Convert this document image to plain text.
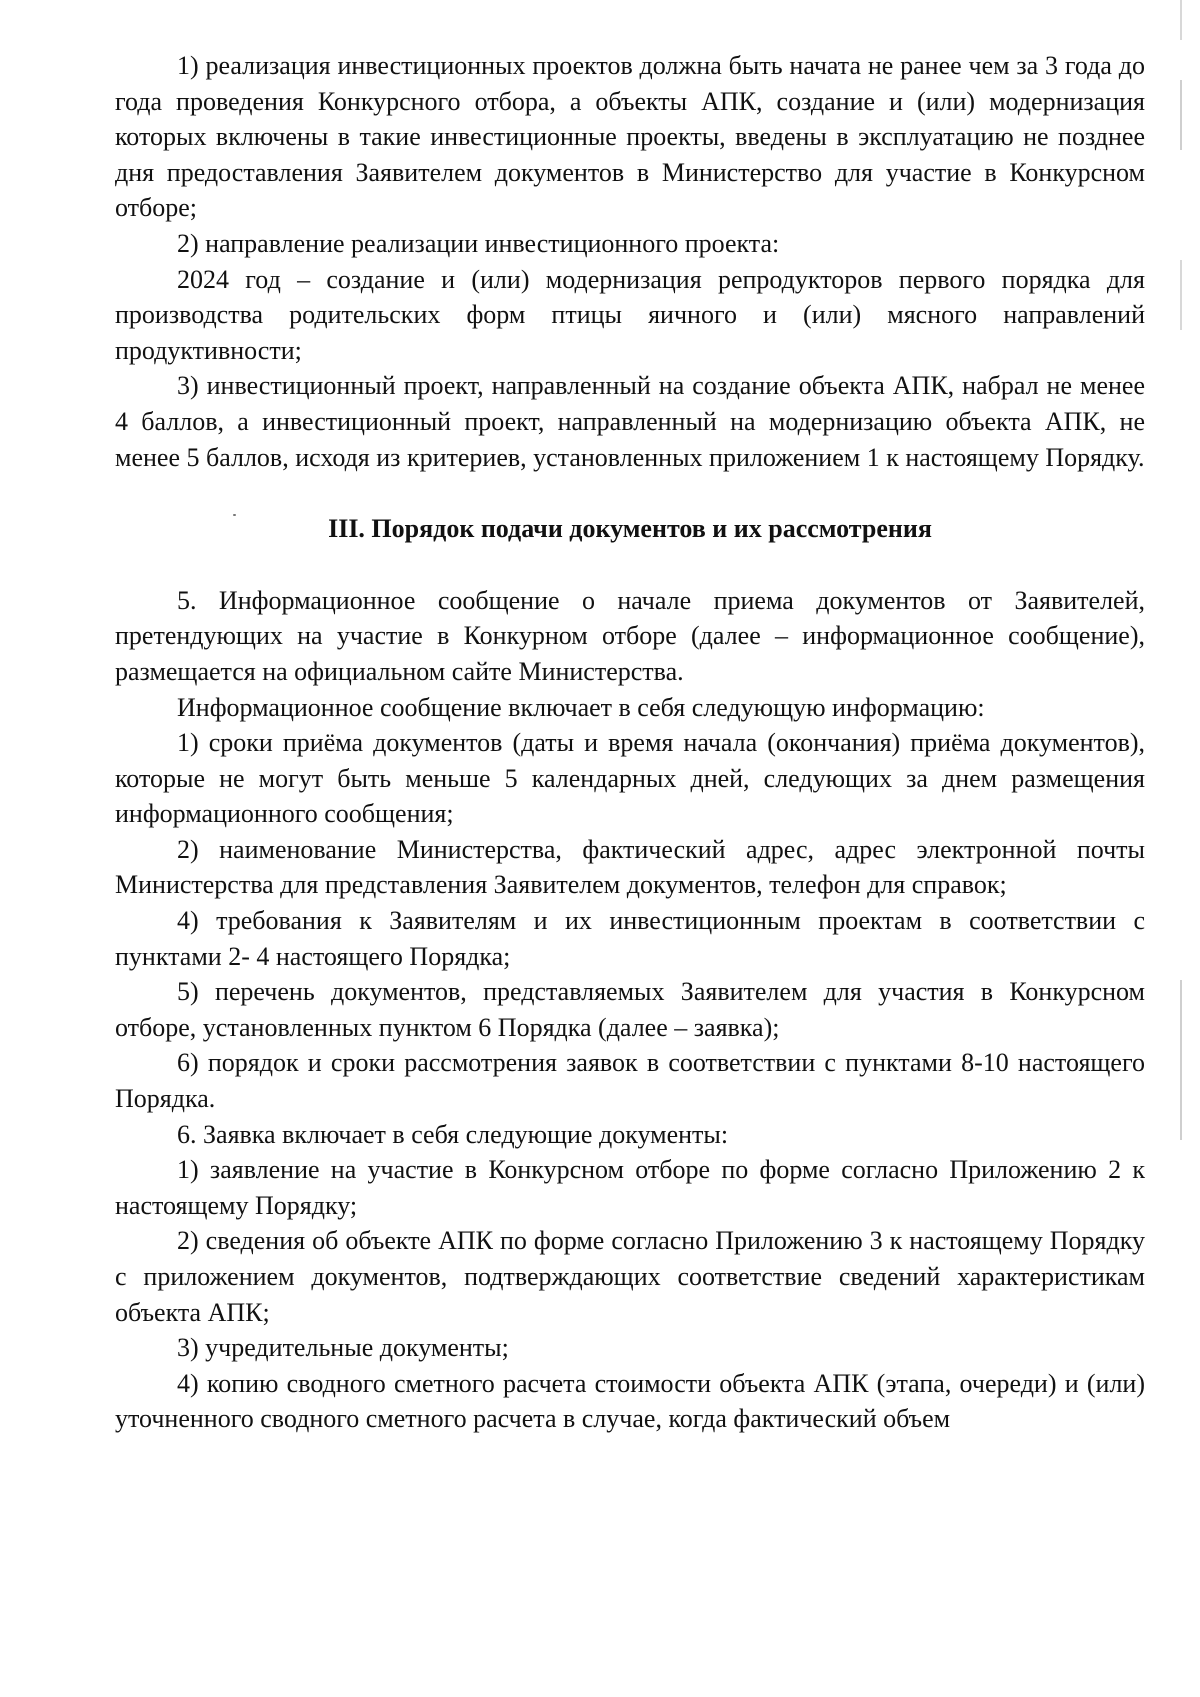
1) реализация инвестиционных проектов должна быть начата не ранее чем за 3 года до года проведения Конкурсного отбора, а объекты АПК, создание и (или) модернизация которых включены в такие инвестиционные проекты, введены в эксплуатацию не позднее дня предоставления Заявителем документов в Министерство для участие в Конкурсном отборе;

2) направление реализации инвестиционного проекта:

2024 год – создание и (или) модернизация репродукторов первого порядка для производства родительских форм птицы яичного и (или) мясного направлений продуктивности;

3) инвестиционный проект, направленный на создание объекта АПК, набрал не менее 4 баллов, а инвестиционный проект, направленный на модернизацию объекта АПК, не менее 5 баллов, исходя из критериев, установленных приложением 1 к настоящему Порядку.

III. Порядок подачи документов и их рассмотрения

5. Информационное сообщение о начале приема документов от Заявителей, претендующих на участие в Конкурном отборе (далее – информационное сообщение), размещается на официальном сайте Министерства.

Информационное сообщение включает в себя следующую информацию:

1) сроки приёма документов (даты и время начала (окончания) приёма документов), которые не могут быть меньше 5 календарных дней, следующих за днем размещения информационного сообщения;

2) наименование Министерства, фактический адрес, адрес электронной почты Министерства для представления Заявителем документов, телефон для справок;

4) требования к Заявителям и их инвестиционным проектам в соответствии с пунктами 2- 4 настоящего Порядка;

5) перечень документов, представляемых Заявителем для участия в Конкурсном отборе, установленных пунктом 6 Порядка (далее – заявка);

6) порядок и сроки рассмотрения заявок в соответствии с пунктами 8-10 настоящего Порядка.

6. Заявка включает в себя следующие документы:

1) заявление на участие в Конкурсном отборе по форме согласно Приложению 2 к настоящему Порядку;

2) сведения об объекте АПК по форме согласно Приложению 3 к настоящему Порядку с приложением документов, подтверждающих соответствие сведений характеристикам объекта АПК;

3) учредительные документы;

4) копию сводного сметного расчета стоимости объекта АПК (этапа, очереди) и (или) уточненного сводного сметного расчета в случае, когда фактический объем
